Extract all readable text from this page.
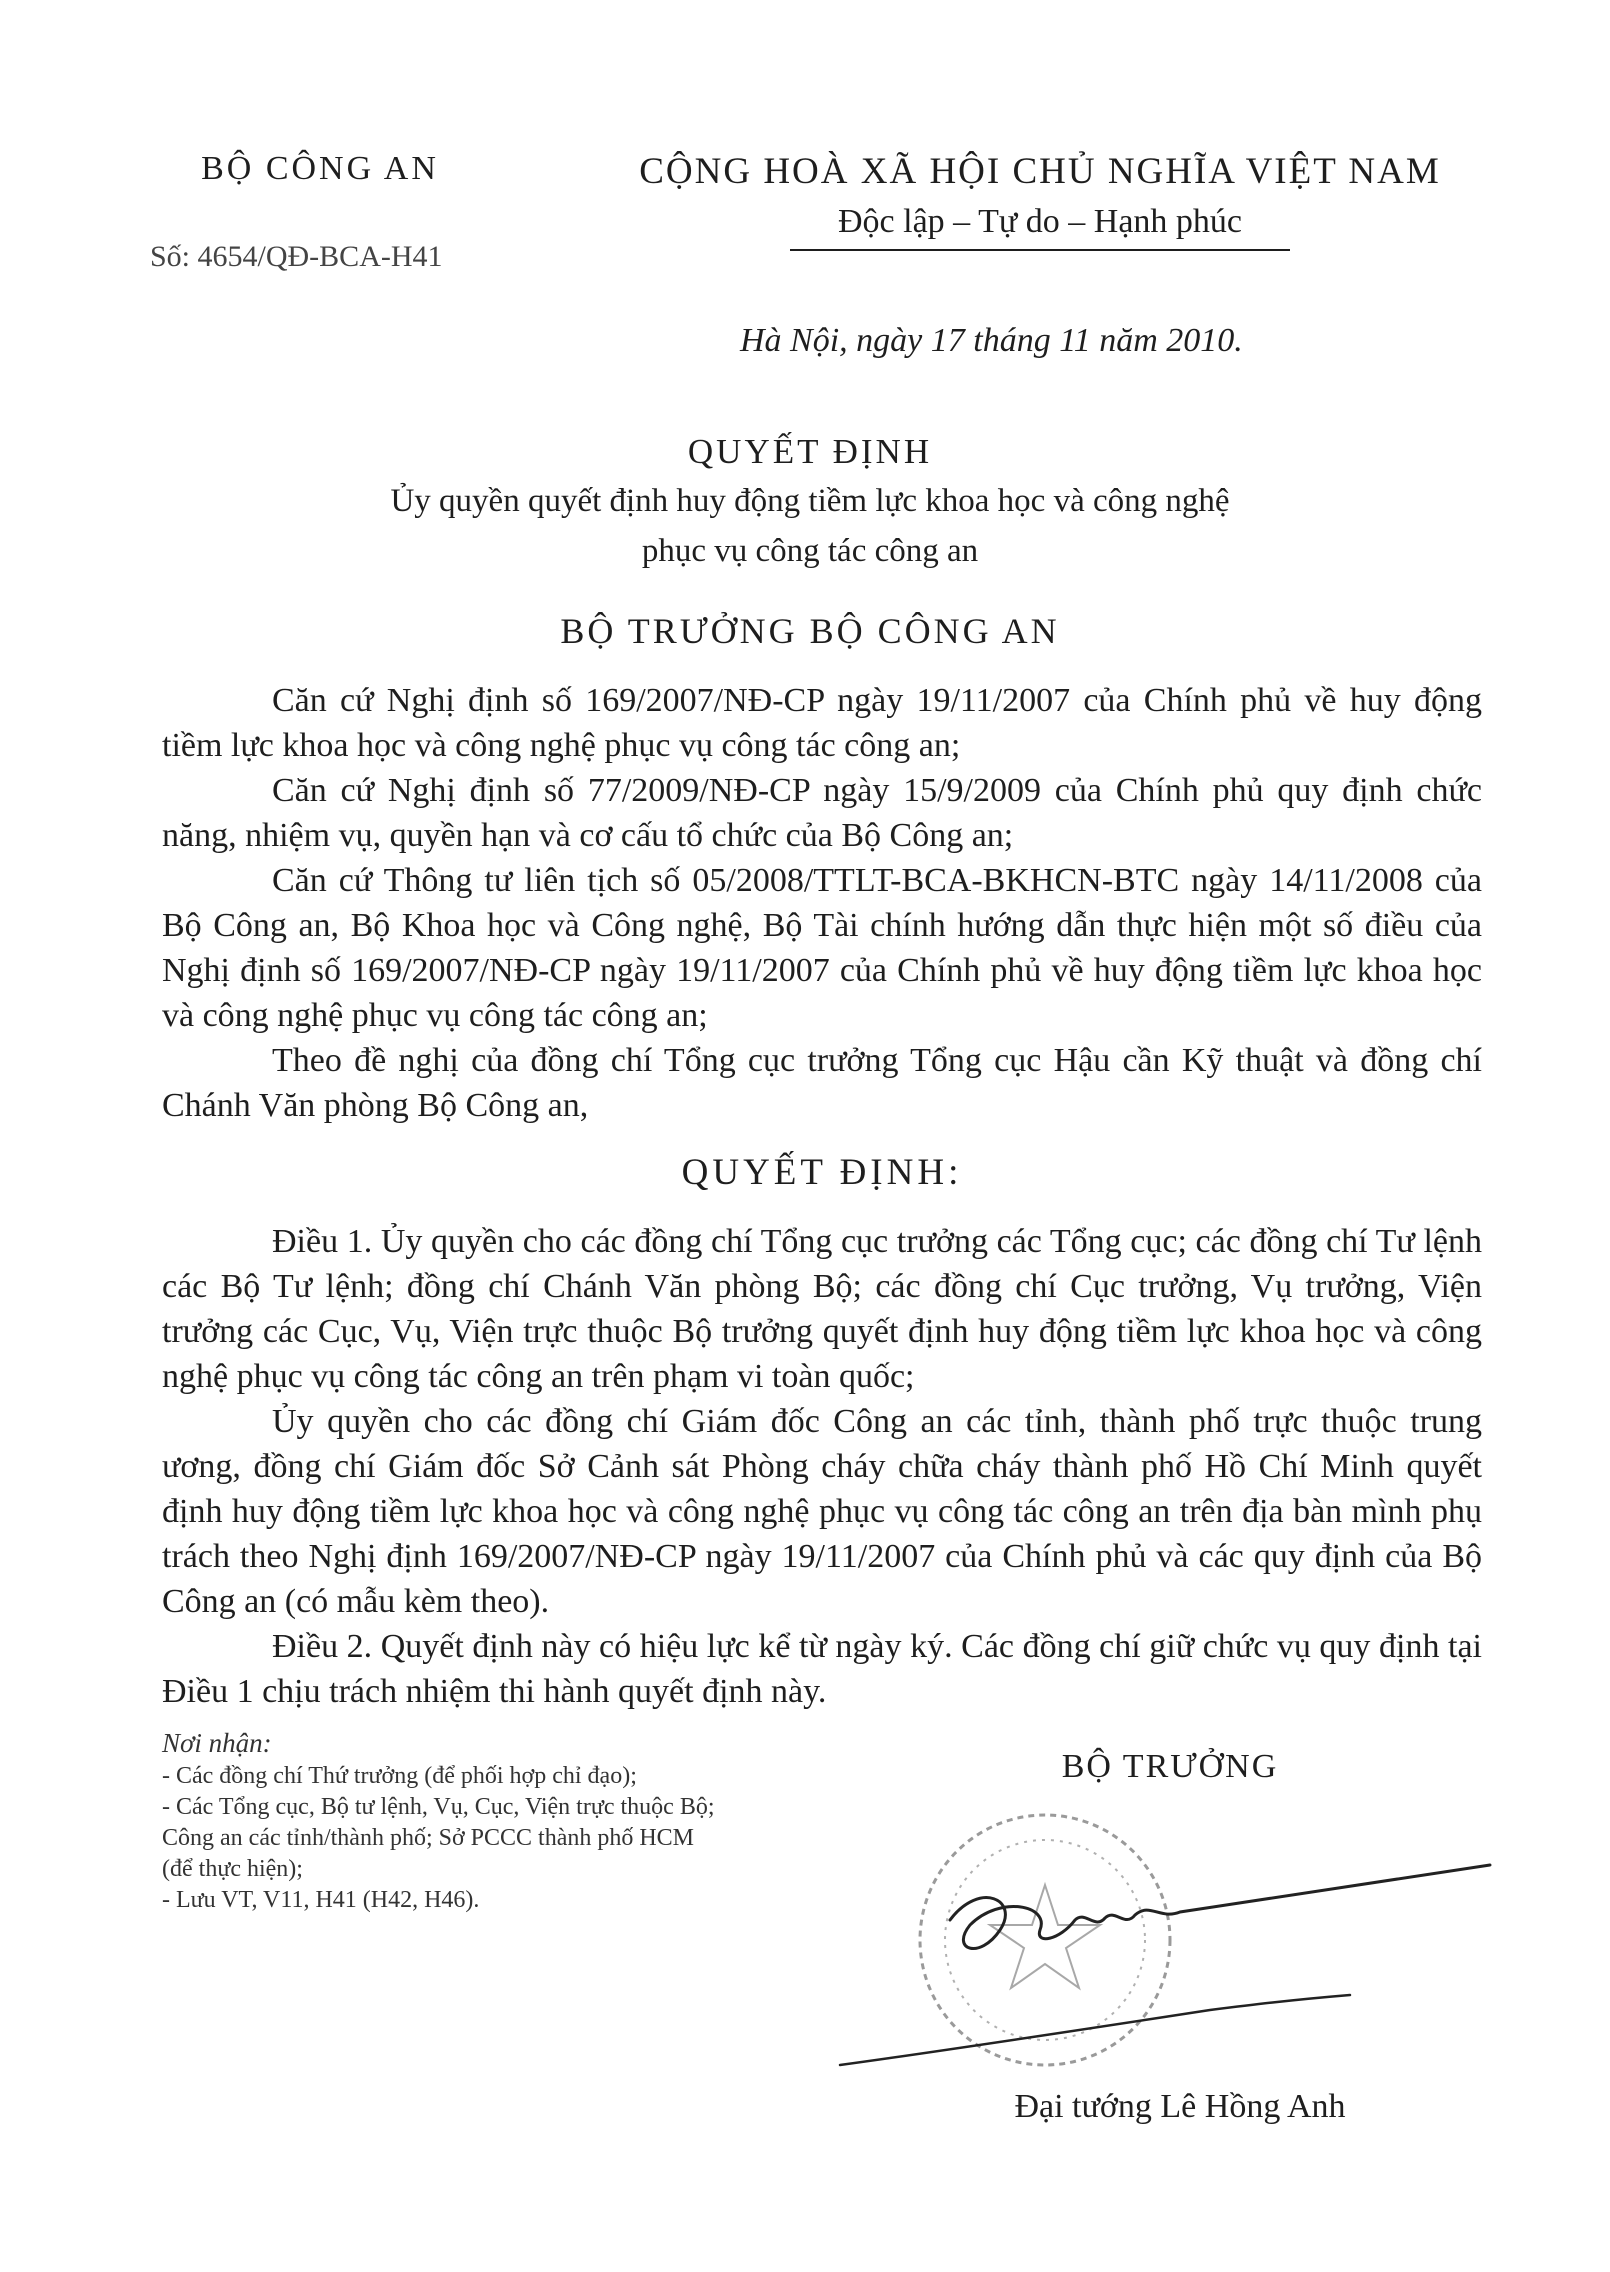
BỘ CÔNG AN
Số: 4654/QĐ-BCA-H41
CỘNG HOÀ XÃ HỘI CHỦ NGHĨA VIỆT NAM
Độc lập – Tự do – Hạnh phúc
Hà Nội, ngày 17 tháng 11 năm 2010.
QUYẾT ĐỊNH
Ủy quyền quyết định huy động tiềm lực khoa học và công nghệ
phục vụ công tác công an
BỘ TRƯỞNG BỘ CÔNG AN

Căn cứ Nghị định số 169/2007/NĐ-CP ngày 19/11/2007 của Chính phủ về huy động tiềm lực khoa học và công nghệ phục vụ công tác công an;

Căn cứ Nghị định số 77/2009/NĐ-CP ngày 15/9/2009 của Chính phủ quy định chức năng, nhiệm vụ, quyền hạn và cơ cấu tổ chức của Bộ Công an;

Căn cứ Thông tư liên tịch số 05/2008/TTLT-BCA-BKHCN-BTC ngày 14/11/2008 của Bộ Công an, Bộ Khoa học và Công nghệ, Bộ Tài chính hướng dẫn thực hiện một số điều của Nghị định số 169/2007/NĐ-CP ngày 19/11/2007 của Chính phủ về huy động tiềm lực khoa học và công nghệ phục vụ công tác công an;

Theo đề nghị của đồng chí Tổng cục trưởng Tổng cục Hậu cần Kỹ thuật và đồng chí Chánh Văn phòng Bộ Công an,

QUYẾT ĐỊNH:

Điều 1. Ủy quyền cho các đồng chí Tổng cục trưởng các Tổng cục; các đồng chí Tư lệnh các Bộ Tư lệnh; đồng chí Chánh Văn phòng Bộ; các đồng chí Cục trưởng, Vụ trưởng, Viện trưởng các Cục, Vụ, Viện trực thuộc Bộ trưởng quyết định huy động tiềm lực khoa học và công nghệ phục vụ công tác công an trên phạm vi toàn quốc;

Ủy quyền cho các đồng chí Giám đốc Công an các tỉnh, thành phố trực thuộc trung ương, đồng chí Giám đốc Sở Cảnh sát Phòng cháy chữa cháy thành phố Hồ Chí Minh quyết định huy động tiềm lực khoa học và công nghệ phục vụ công tác công an trên địa bàn mình phụ trách theo Nghị định 169/2007/NĐ-CP ngày 19/11/2007 của Chính phủ và các quy định của Bộ Công an (có mẫu kèm theo).

Điều 2. Quyết định này có hiệu lực kể từ ngày ký. Các đồng chí giữ chức vụ quy định tại Điều 1 chịu trách nhiệm thi hành quyết định này.

Nơi nhận:

- Các đồng chí Thứ trưởng (để phối hợp chỉ đạo);

- Các Tổng cục, Bộ tư lệnh, Vụ, Cục, Viện trực thuộc Bộ; Công an các tỉnh/thành phố; Sở PCCC thành phố HCM (để thực hiện);

- Lưu VT, V11, H41 (H42, H46).

BỘ TRƯỞNG
Đại tướng Lê Hồng Anh
